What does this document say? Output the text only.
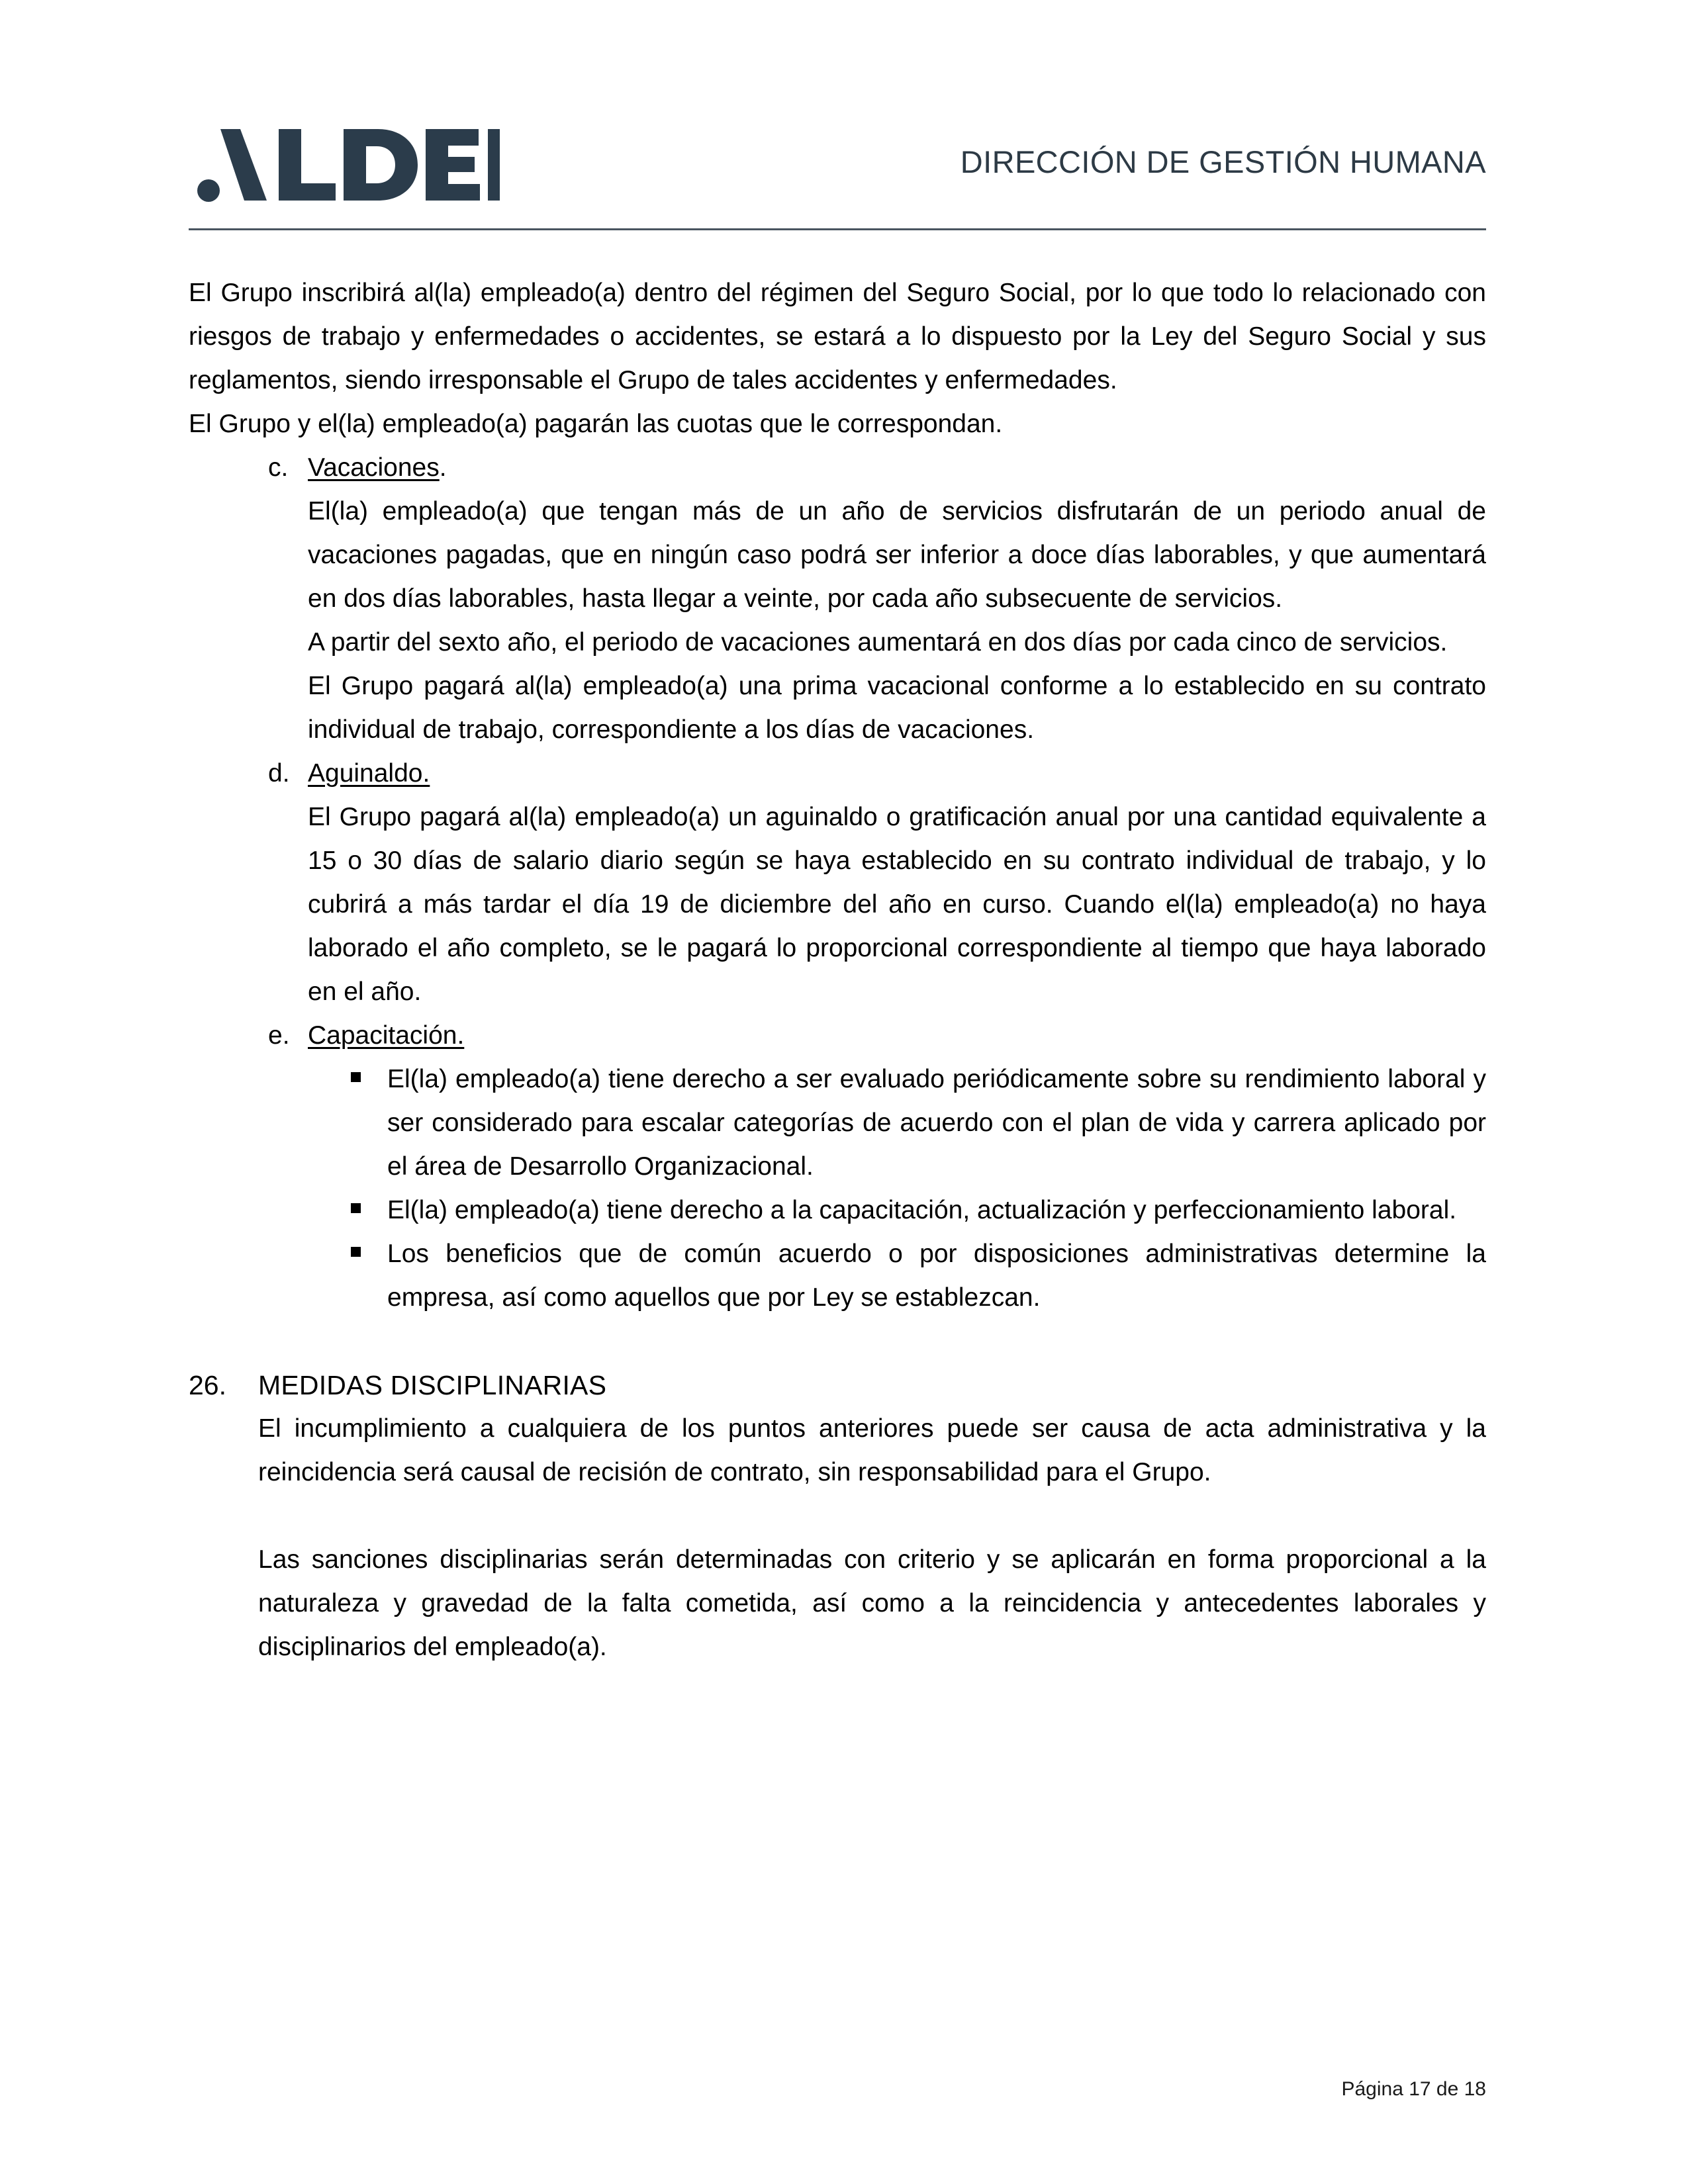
DIRECCIÓN DE GESTIÓN HUMANA

El Grupo inscribirá al(la) empleado(a) dentro del régimen del Seguro Social, por lo que todo lo relacionado con riesgos de trabajo y enfermedades o accidentes, se estará a lo dispuesto por la Ley del Seguro Social y sus reglamentos, siendo irresponsable el Grupo de tales accidentes y enfermedades.

El Grupo y el(la) empleado(a) pagarán las cuotas que le correspondan.

c. Vacaciones.

El(la) empleado(a) que tengan más de un año de servicios disfrutarán de un periodo anual de vacaciones pagadas, que en ningún caso podrá ser inferior a doce días laborables, y que aumentará en dos días laborables, hasta llegar a veinte, por cada año subsecuente de servicios.

A partir del sexto año, el periodo de vacaciones aumentará en dos días por cada cinco de servicios.

El Grupo pagará al(la) empleado(a) una prima vacacional conforme a lo establecido en su contrato individual de trabajo, correspondiente a los días de vacaciones.

d. Aguinaldo.

El Grupo pagará al(la) empleado(a) un aguinaldo o gratificación anual por una cantidad equivalente a 15 o 30 días de salario diario según se haya establecido en su contrato individual de trabajo, y lo cubrirá a más tardar el día 19 de diciembre del año en curso. Cuando el(la) empleado(a) no haya laborado el año completo, se le pagará lo proporcional correspondiente al tiempo que haya laborado en el año.

e. Capacitación.
El(la) empleado(a) tiene derecho a ser evaluado periódicamente sobre su rendimiento laboral y ser considerado para escalar categorías de acuerdo con el plan de vida y carrera aplicado por el área de Desarrollo Organizacional.
El(la) empleado(a) tiene derecho a la capacitación, actualización y perfeccionamiento laboral.
Los beneficios que de común acuerdo o por disposiciones administrativas determine la empresa, así como aquellos que por Ley se establezcan.
26. MEDIDAS DISCIPLINARIAS
El incumplimiento a cualquiera de los puntos anteriores puede ser causa de acta administrativa y la reincidencia será causal de recisión de contrato, sin responsabilidad para el Grupo.
Las sanciones disciplinarias serán determinadas con criterio y se aplicarán en forma proporcional a la naturaleza y gravedad de la falta cometida, así como a la reincidencia y antecedentes laborales y disciplinarios del empleado(a).
Página 17 de 18
